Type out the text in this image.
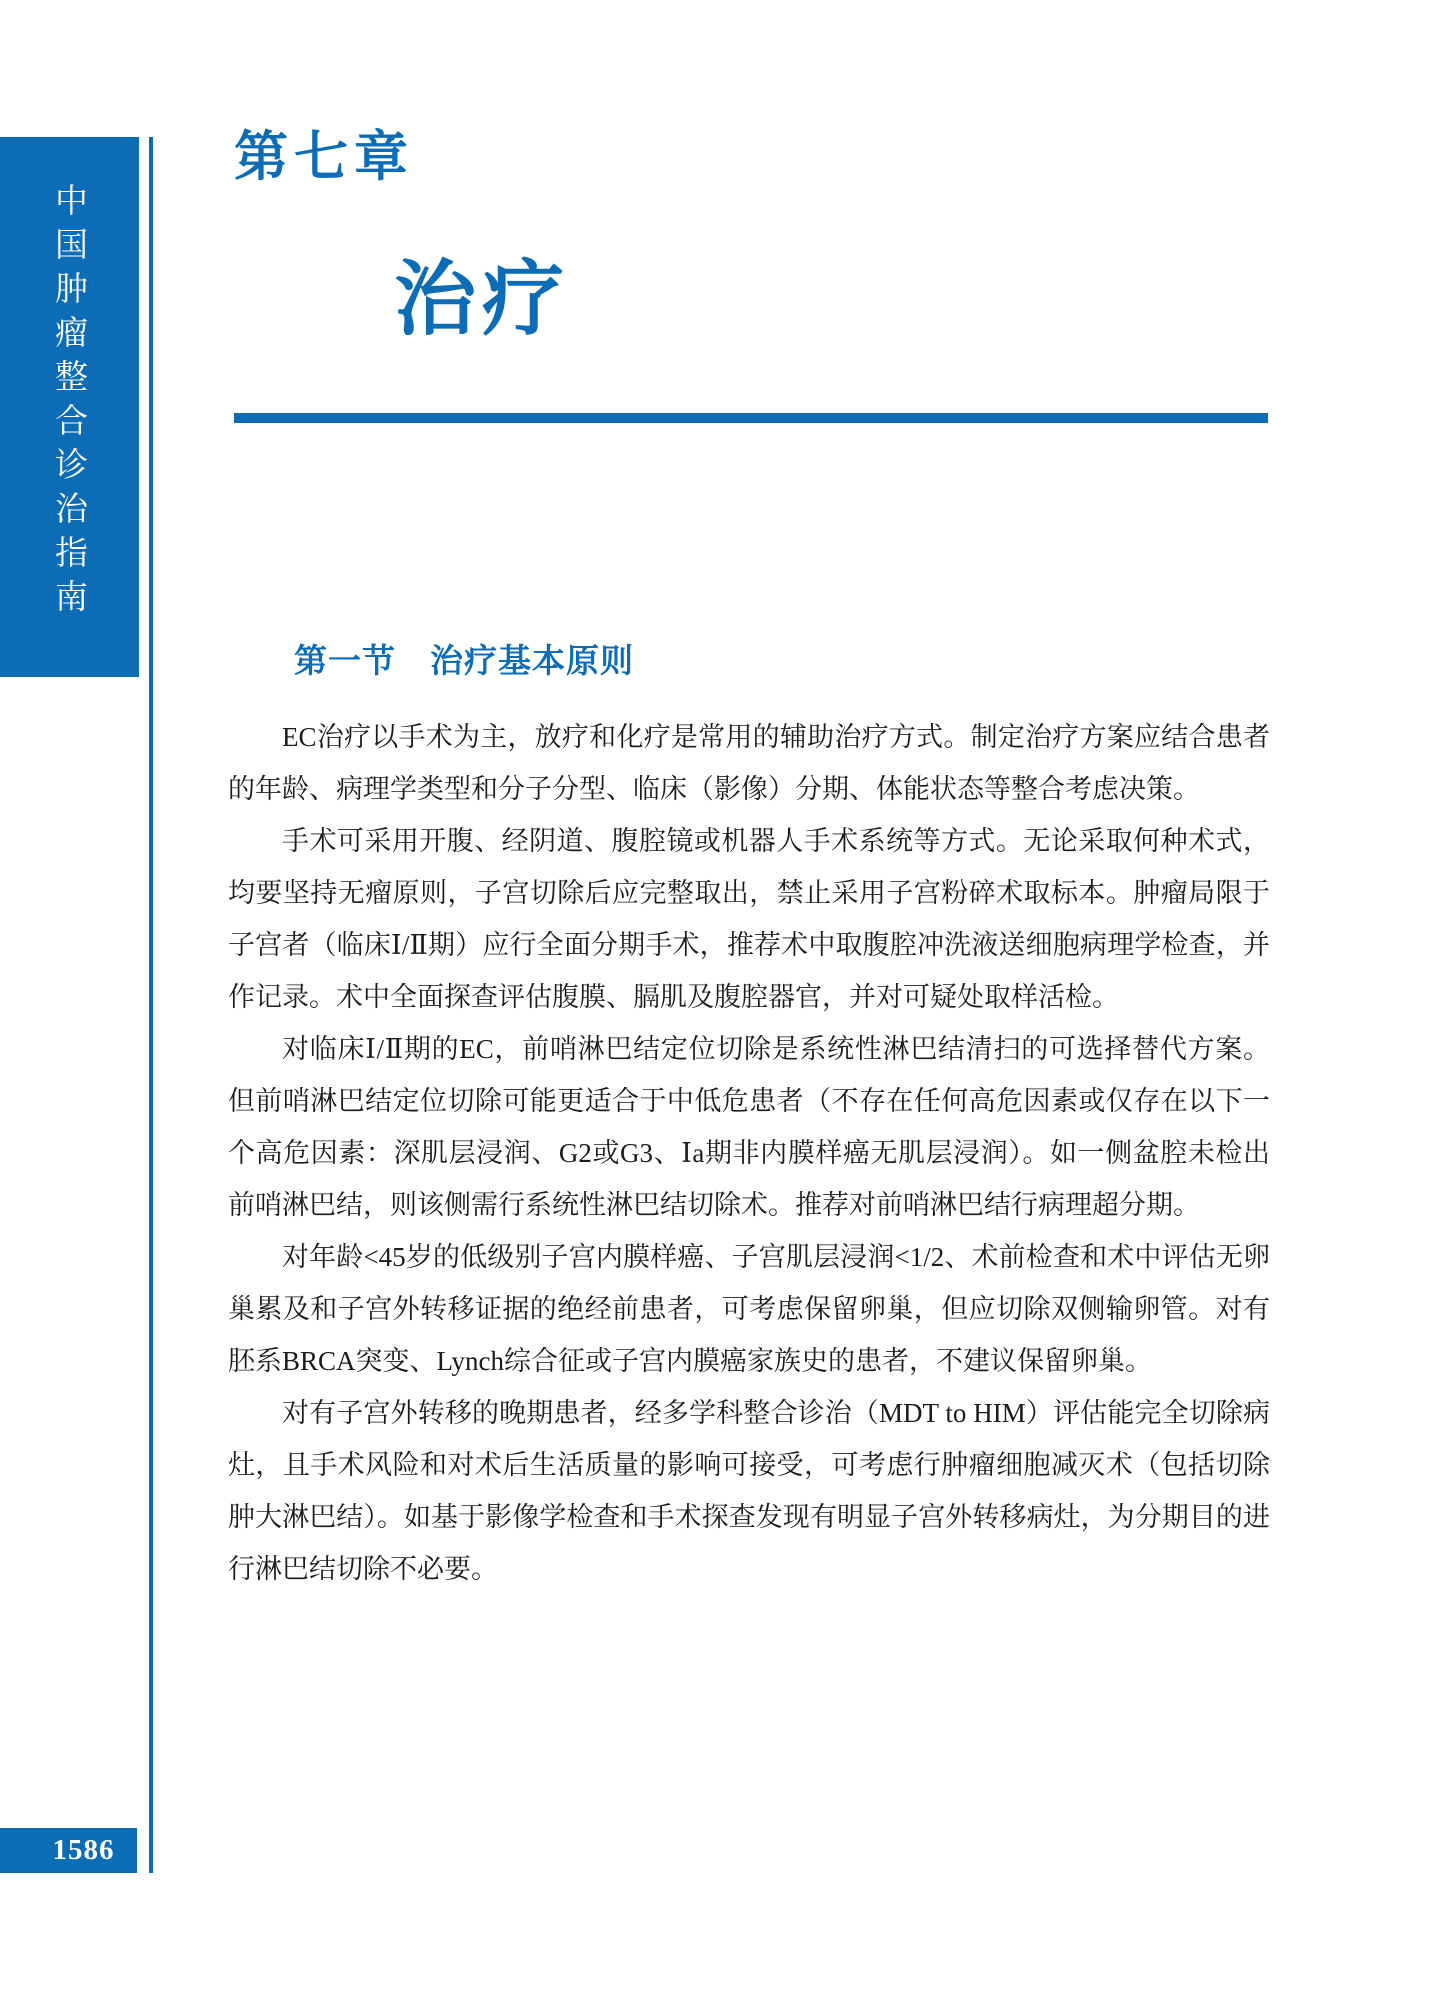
中国肿瘤整合诊治指南
第七章
治疗
第一节　治疗基本原则

EC治疗以手术为主，放疗和化疗是常用的辅助治疗方式。制定治疗方案应结合患者的年龄、病理学类型和分子分型、临床（影像）分期、体能状态等整合考虑决策。

手术可采用开腹、经阴道、腹腔镜或机器人手术系统等方式。无论采取何种术式，均要坚持无瘤原则，子宫切除后应完整取出，禁止采用子宫粉碎术取标本。肿瘤局限于子宫者（临床Ⅰ/Ⅱ期）应行全面分期手术，推荐术中取腹腔冲洗液送细胞病理学检查，并作记录。术中全面探查评估腹膜、膈肌及腹腔器官，并对可疑处取样活检。

对临床Ⅰ/Ⅱ期的EC，前哨淋巴结定位切除是系统性淋巴结清扫的可选择替代方案。但前哨淋巴结定位切除可能更适合于中低危患者（不存在任何高危因素或仅存在以下一个高危因素：深肌层浸润、G2或G3、Ⅰa期非内膜样癌无肌层浸润）。如一侧盆腔未检出前哨淋巴结，则该侧需行系统性淋巴结切除术。推荐对前哨淋巴结行病理超分期。

对年龄<45岁的低级别子宫内膜样癌、子宫肌层浸润<1/2、术前检查和术中评估无卵巢累及和子宫外转移证据的绝经前患者，可考虑保留卵巢，但应切除双侧输卵管。对有胚系BRCA突变、Lynch综合征或子宫内膜癌家族史的患者，不建议保留卵巢。

对有子宫外转移的晚期患者，经多学科整合诊治（MDT to HIM）评估能完全切除病灶，且手术风险和对术后生活质量的影响可接受，可考虑行肿瘤细胞减灭术（包括切除肿大淋巴结）。如基于影像学检查和手术探查发现有明显子宫外转移病灶，为分期目的进行淋巴结切除不必要。

1586
